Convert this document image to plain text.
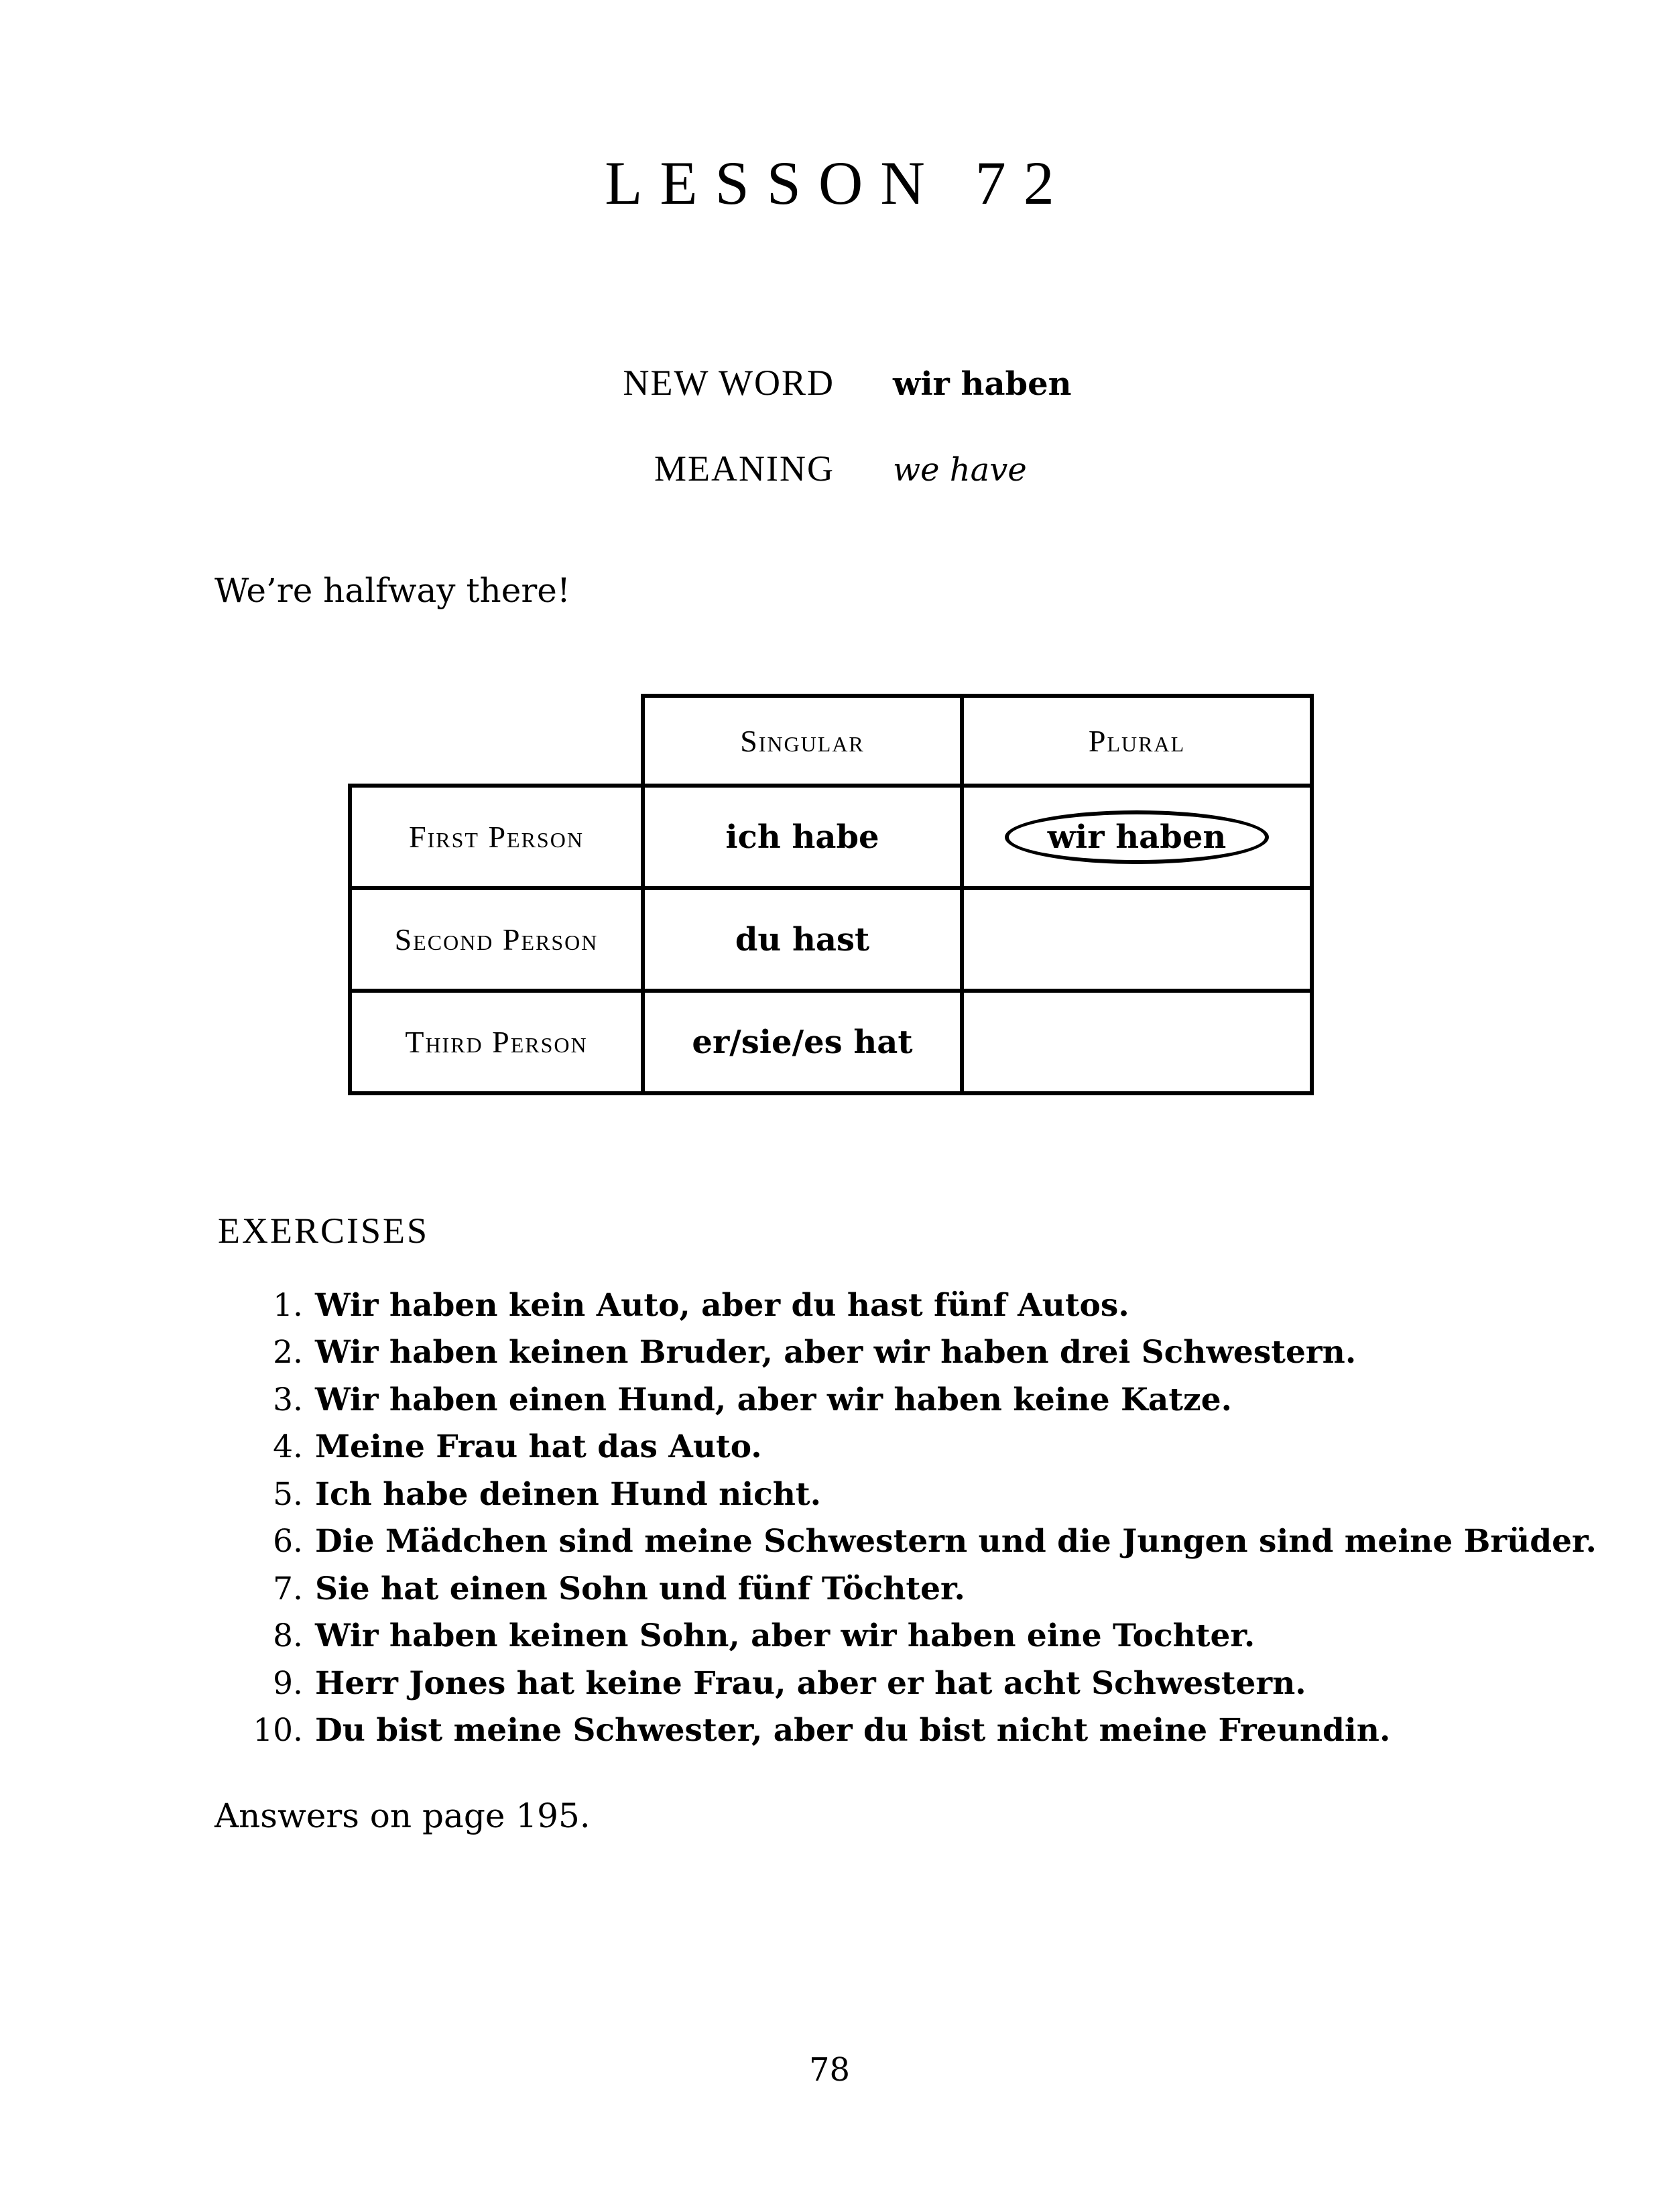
LESSON 72
NEW WORD wir haben
MEANING we have
We’re halfway there!
	Singular	Plural
First Person	ich habe	wir haben
Second Person	du hast	
Third Person	er/sie/es hat	
EXERCISES
1. Wir haben kein Auto, aber du hast fünf Autos.
2. Wir haben keinen Bruder, aber wir haben drei Schwestern.
3. Wir haben einen Hund, aber wir haben keine Katze.
4. Meine Frau hat das Auto.
5. Ich habe deinen Hund nicht.
6. Die Mädchen sind meine Schwestern und die Jungen sind meine Brüder.
7. Sie hat einen Sohn und fünf Töchter.
8. Wir haben keinen Sohn, aber wir haben eine Tochter.
9. Herr Jones hat keine Frau, aber er hat acht Schwestern.
10. Du bist meine Schwester, aber du bist nicht meine Freundin.
Answers on page 195.
78
